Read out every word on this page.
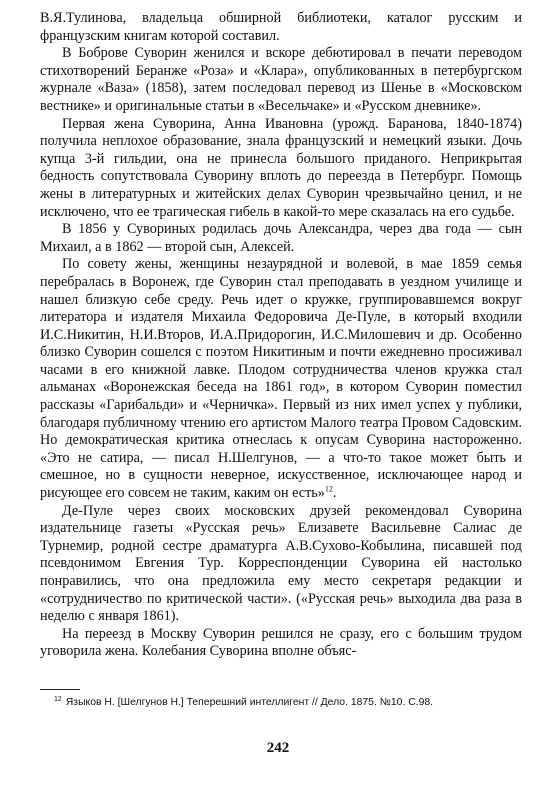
В.Я.Тулинова, владельца обширной библиотеки, каталог русским и французским книгам которой составил.

В Боброве Суворин женился и вскоре дебютировал в печати переводом стихотворений Беранже «Роза» и «Клара», опубликованных в петербургском журнале «Ваза» (1858), затем последовал перевод из Шенье в «Московском вестнике» и оригинальные статьи в «Весельчаке» и «Русском дневнике».

Первая жена Суворина, Анна Ивановна (урожд. Баранова, 1840-1874) получила неплохое образование, знала французский и немецкий языки. Дочь купца 3-й гильдии, она не принесла большого приданого. Неприкрытая бедность сопутствовала Суворину вплоть до переезда в Петербург. Помощь жены в литературных и житейских делах Суворин чрезвычайно ценил, и не исключено, что ее трагическая гибель в какой-то мере сказалась на его судьбе.

В 1856 у Сувориных родилась дочь Александра, через два года — сын Михаил, а в 1862 — второй сын, Алексей.

По совету жены, женщины незаурядной и волевой, в мае 1859 семья перебралась в Воронеж, где Суворин стал преподавать в уездном училище и нашел близкую себе среду. Речь идет о кружке, группировавшемся вокруг литератора и издателя Михаила Федоровича Де-Пуле, в который входили И.С.Никитин, Н.И.Второв, И.А.Придорогин, И.С.Милошевич и др. Особенно близко Суворин сошелся с поэтом Никитиным и почти ежедневно просиживал часами в его книжной лавке. Плодом сотрудничества членов кружка стал альманах «Воронежская беседа на 1861 год», в котором Суворин поместил рассказы «Гарибальди» и «Черничка». Первый из них имел успех у публики, благодаря публичному чтению его артистом Малого театра Провом Садовским. Но демократическая критика отнеслась к опусам Суворина настороженно. «Это не сатира, — писал Н.Шелгунов, — а что-то такое может быть и смешное, но в сущности неверное, искусственное, исключающее народ и рисующее его совсем не таким, каким он есть»$^{12}$.

Де-Пуле через своих московских друзей рекомендовал Суворина издательнице газеты «Русская речь» Елизавете Васильевне Салиас де Турнемир, родной сестре драматурга А.В.Сухово-Кобылина, писавшей под псевдонимом Евгения Тур. Корреспонденции Суворина ей настолько понравились, что она предложила ему место секретаря редакции и «сотрудничество по критической части». («Русская речь» выходила два раза в неделю с января 1861).

На переезд в Москву Суворин решился не сразу, его с большим трудом уговорила жена. Колебания Суворина вполне объяс-

$^{12}$ Языков Н. [Шелгунов Н.] Теперешний интеллигент // Дело. 1875. №10. С.98.
242
